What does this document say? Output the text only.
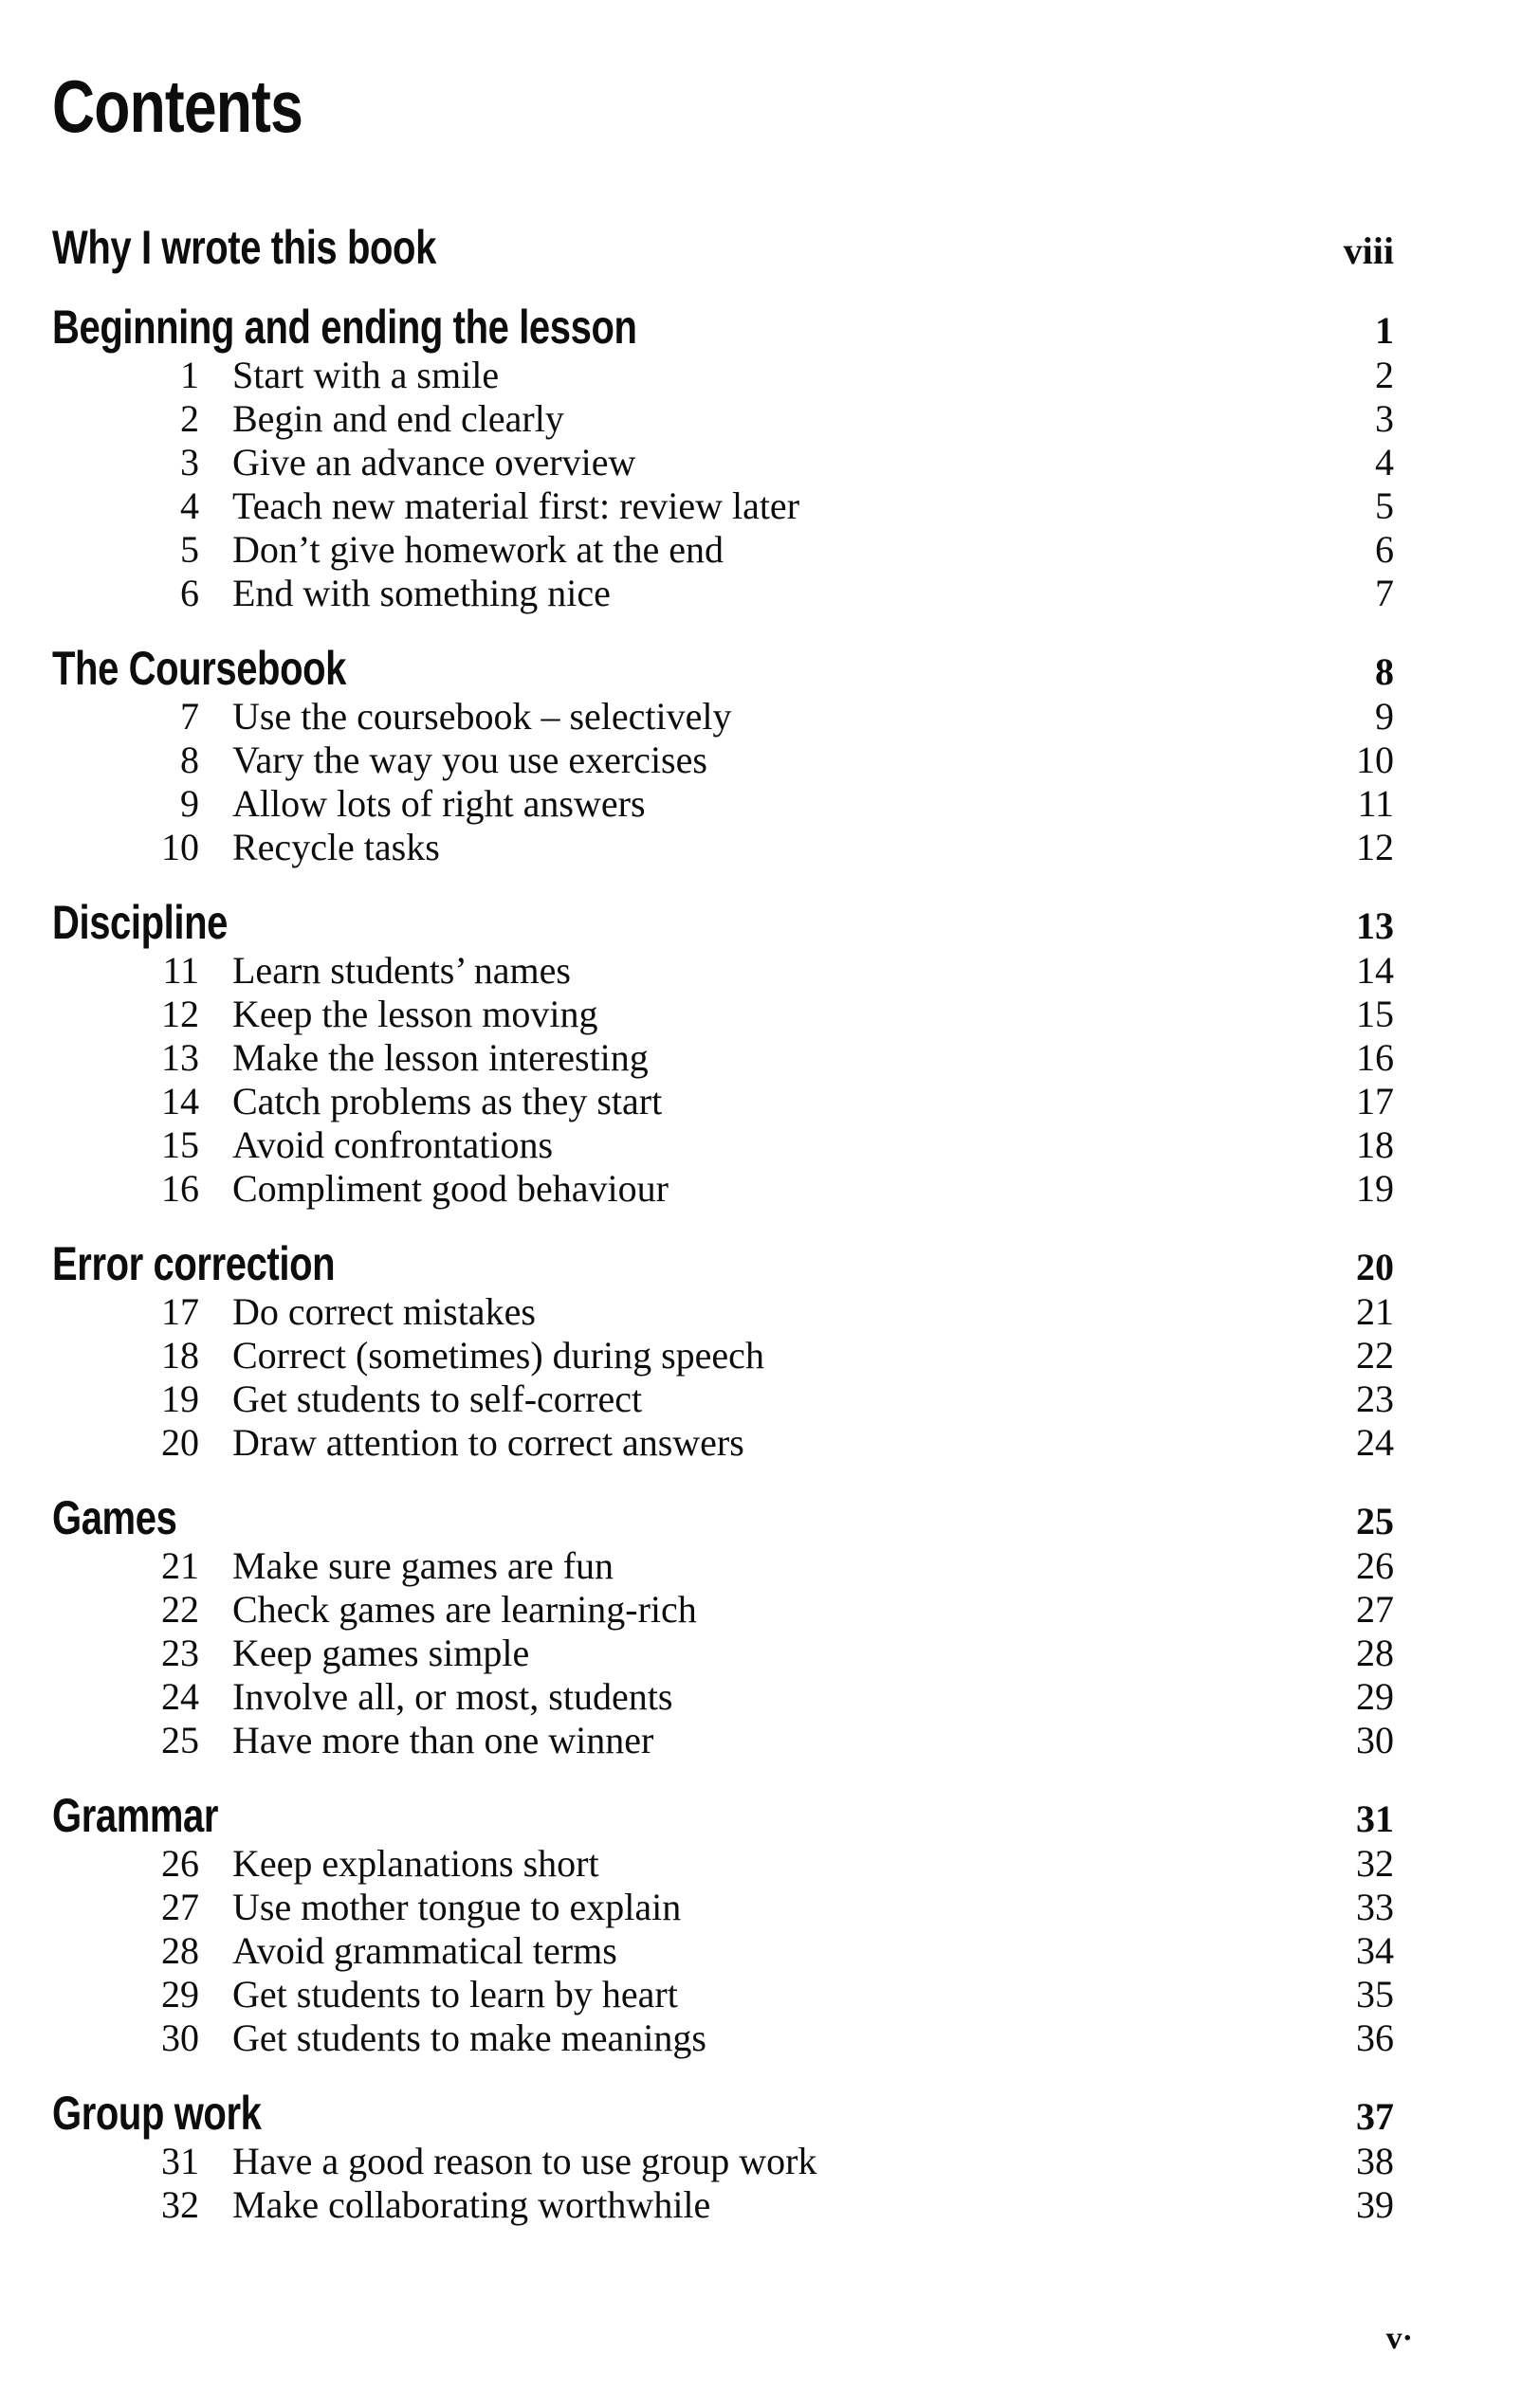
Contents
Why I wrote this book	viii
Beginning and ending the lesson	1
1 Start with a smile	2
2 Begin and end clearly	3
3 Give an advance overview	4
4 Teach new material first: review later	5
5 Don’t give homework at the end	6
6 End with something nice	7
The Coursebook	8
7 Use the coursebook – selectively	9
8 Vary the way you use exercises	10
9 Allow lots of right answers	11
10 Recycle tasks	12
Discipline	13
11 Learn students’ names	14
12 Keep the lesson moving	15
13 Make the lesson interesting	16
14 Catch problems as they start	17
15 Avoid confrontations	18
16 Compliment good behaviour	19
Error correction	20
17 Do correct mistakes	21
18 Correct (sometimes) during speech	22
19 Get students to self-correct	23
20 Draw attention to correct answers	24
Games	25
21 Make sure games are fun	26
22 Check games are learning-rich	27
23 Keep games simple	28
24 Involve all, or most, students	29
25 Have more than one winner	30
Grammar	31
26 Keep explanations short	32
27 Use mother tongue to explain	33
28 Avoid grammatical terms	34
29 Get students to learn by heart	35
30 Get students to make meanings	36
Group work	37
31 Have a good reason to use group work	38
32 Make collaborating worthwhile	39
v·
